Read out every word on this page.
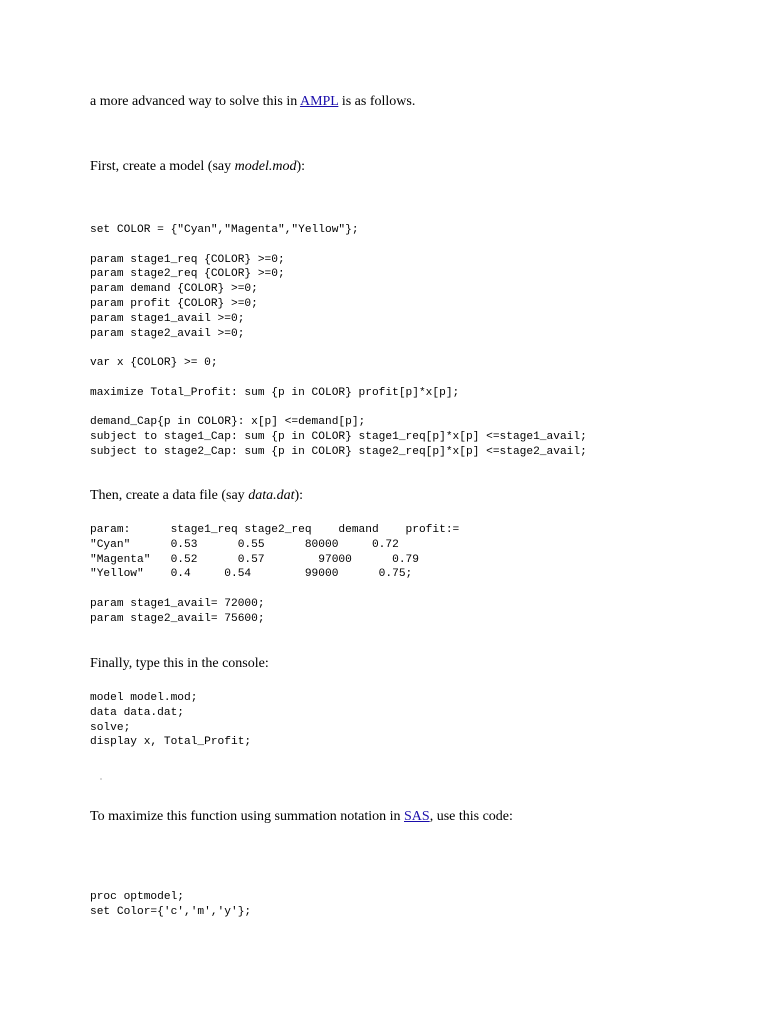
a more advanced way to solve this in AMPL is as follows.

First, create a model (say model.mod):

set COLOR = {"Cyan","Magenta","Yellow"};

param stage1_req {COLOR} >=0;
param stage2_req {COLOR} >=0;
param demand {COLOR} >=0;
param profit {COLOR} >=0;
param stage1_avail >=0;
param stage2_avail >=0;

var x {COLOR} >= 0;

maximize Total_Profit: sum {p in COLOR} profit[p]*x[p];

demand_Cap{p in COLOR}: x[p] <=demand[p];
subject to stage1_Cap: sum {p in COLOR} stage1_req[p]*x[p] <=stage1_avail;
subject to stage2_Cap: sum {p in COLOR} stage2_req[p]*x[p] <=stage2_avail;

Then, create a data file (say data.dat):

param:      stage1_req stage2_req    demand    profit:=
"Cyan"      0.53      0.55      80000     0.72
"Magenta"   0.52      0.57        97000      0.79
"Yellow"    0.4     0.54        99000      0.75;

param stage1_avail= 72000;
param stage2_avail= 75600;

Finally, type this in the console:

model model.mod;
data data.dat;
solve;
display x, Total_Profit;

To maximize this function using summation notation in SAS, use this code:

proc optmodel;
set Color={'c','m','y'};
